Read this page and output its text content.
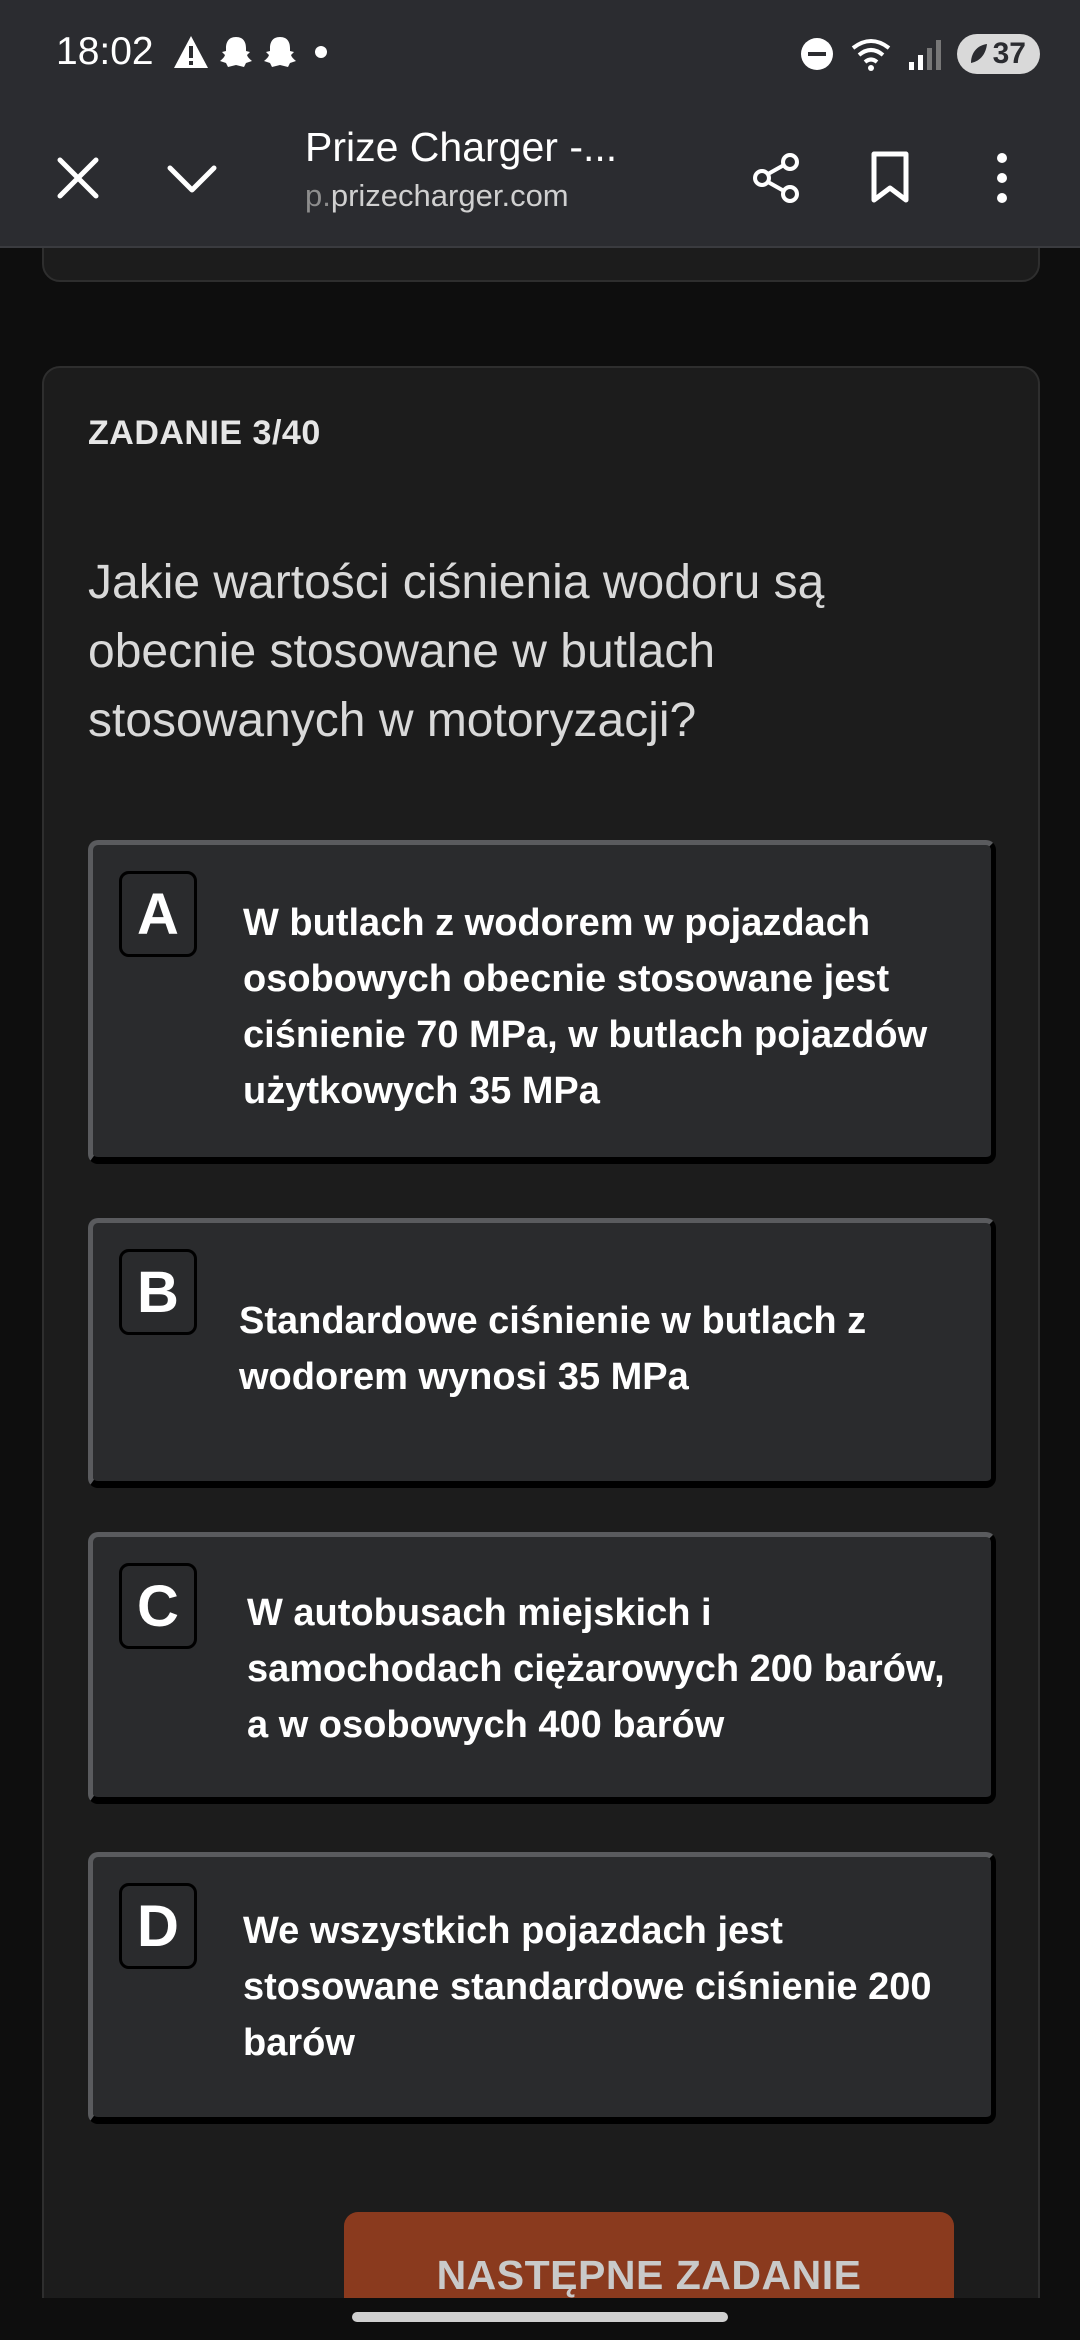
18:02	37
Prize Charger -...
p.prizecharger.com
ZADANIE 3/40
Jakie wartości ciśnienia wodoru są obecnie stosowane w butlach stosowanych w motoryzacji?
A	W butlach z wodorem w pojazdach osobowych obecnie stosowane jest ciśnienie 70 MPa, w butlach pojazdów użytkowych 35 MPa
B	Standardowe ciśnienie w butlach z wodorem wynosi 35 MPa
C	W autobusach miejskich i samochodach ciężarowych 200 barów, a w osobowych 400 barów
D	We wszystkich pojazdach jest stosowane standardowe ciśnienie 200 barów
NASTĘPNE ZADANIE
